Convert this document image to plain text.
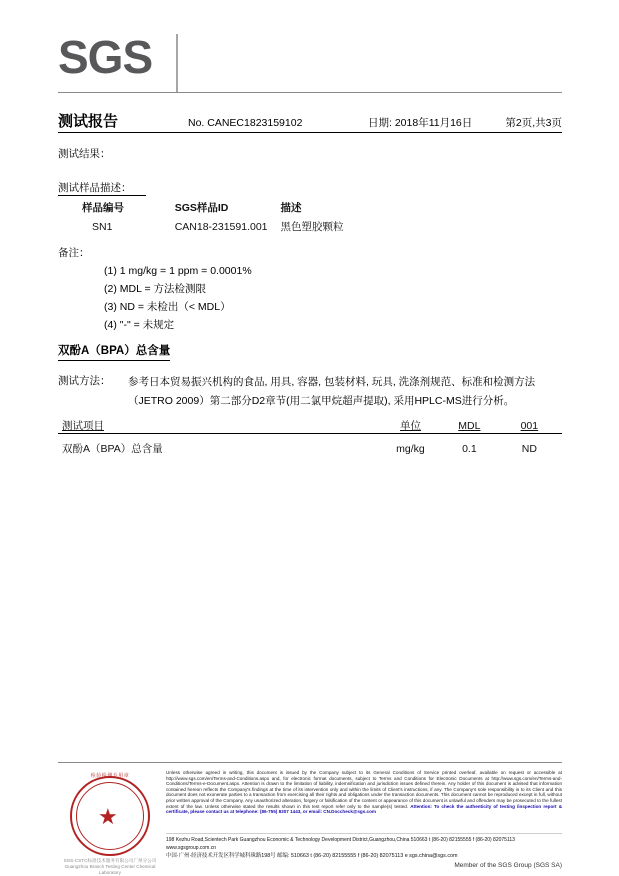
SGS
测试报告	No. CANEC1823159102	日期: 2018年11月16日	第2页,共3页
测试结果：
测试样品描述：
样品编号	SGS样品ID	描述
SN1	CAN18-231591.001	黑色塑胶颗粒
备注：
(1) 1 mg/kg = 1 ppm = 0.0001%
(2) MDL = 方法检测限
(3) ND = 未检出（< MDL）
(4) "-" = 未规定
双酚A（BPA）总含量
测试方法： 参考日本贸易振兴机构的食品, 用具, 容器, 包装材料, 玩具, 洗涤剂规范、标准和检测方法（JETRO 2009）第二部分D2章节(用二氯甲烷超声提取), 采用HPLC-MS进行分析。
测试项目	单位	MDL	001
双酚A（BPA）总含量	mg/kg	0.1	ND
★
检验检测专用章
SGS-CSTC标准技术服务有限公司广州分公司
Guangzhou Branch Testing Center Chemical Laboratory
Unless otherwise agreed in writing, this document is issued by the Company subject to its General Conditions of Service printed overleaf, available on request or accessible at http://www.sgs.com/en/Terms-and-Conditions.aspx and, for electronic format documents, subject to Terms and Conditions for Electronic Documents at http://www.sgs.com/en/Terms-and-Conditions/Terms-e-Document.aspx. Attention is drawn to the limitation of liability, indemnification and jurisdiction issues defined therein. Any holder of this document is advised that information contained hereon reflects the Company's findings at the time of its intervention only and within the limits of Client's instructions, if any. The Company's sole responsibility is to its Client and this document does not exonerate parties to a transaction from exercising all their rights and obligations under the transaction documents. This document cannot be reproduced except in full, without prior written approval of the Company. Any unauthorized alteration, forgery or falsification of the content or appearance of this document is unlawful and offenders may be prosecuted to the fullest extent of the law. Unless otherwise stated the results shown in this test report refer only to the sample(s) tested. Attention: To check the authenticity of testing /inspection report & certificate, please contact us at telephone: (86-755) 8307 1443, or email: CN.Doccheck@sgs.com
198 Kezhu Road,Scientech Park Guangzhou Economic & Technology Development District,Guangzhou,China 510663 t (86-20) 82155555 f (86-20) 82075113 www.sgsgroup.com.cn
中国·广州·经济技术开发区科学城科珠路198号 邮编: 510663 t (86-20) 82155555 f (86-20) 82075113 e sgs.china@sgs.com
Member of the SGS Group (SGS SA)
